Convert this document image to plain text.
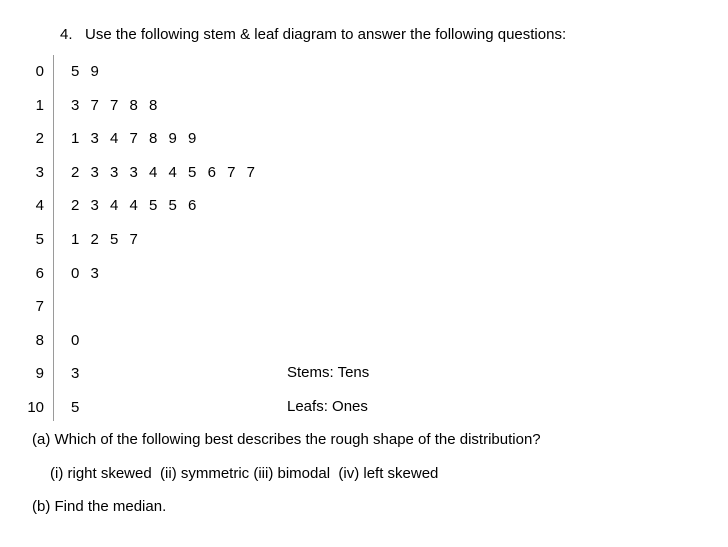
4. Use the following stem & leaf diagram to answer the following questions:
0 5 9
1 3 7 7 8 8
2 1 3 4 7 8 9 9
3 2 3 3 3 4 4 5 6 7 7
4 2 3 4 4 5 5 6
5 1 2 5 7
6 0 3
7
8 0
9 3
10 5
Stems: Tens
Leafs: Ones
(a) Which of the following best describes the rough shape of the distribution?
(i) right skewed  (ii) symmetric (iii) bimodal  (iv) left skewed
(b) Find the median.
